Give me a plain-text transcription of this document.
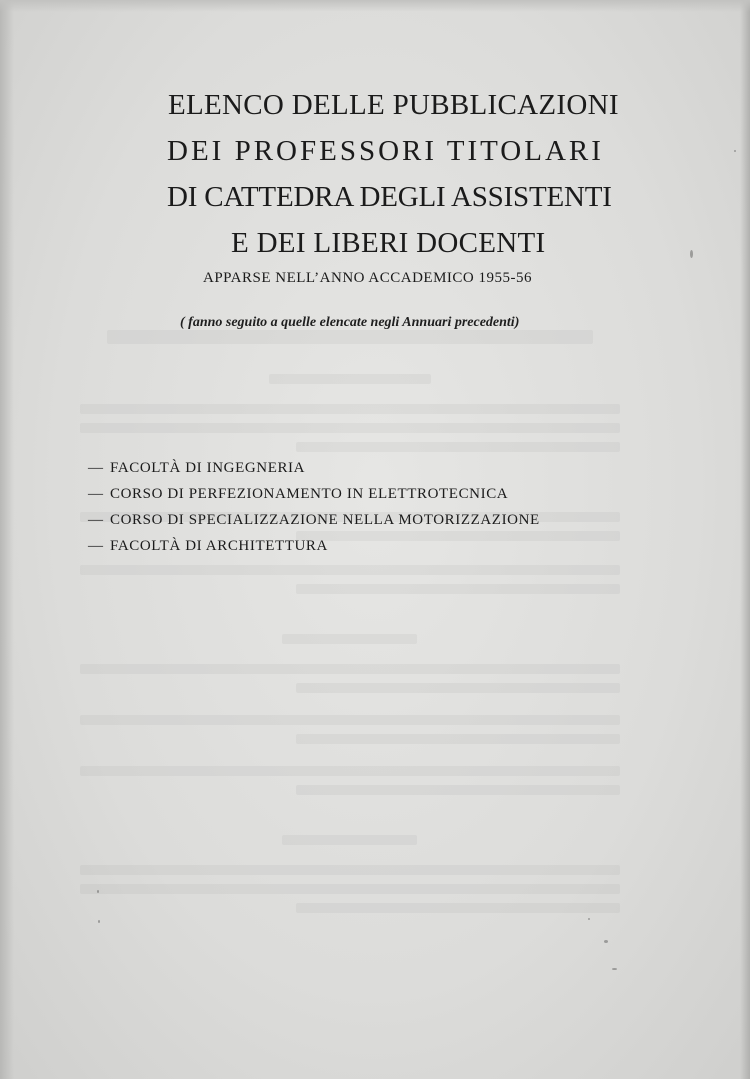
ELENCO DELLE PUBBLICAZIONI
DEI PROFESSORI TITOLARI
DI CATTEDRA DEGLI ASSISTENTI
E DEI LIBERI DOCENTI
APPARSE NELL’ANNO ACCADEMICO 1955-56
( fanno seguito a quelle elencate negli Annuari precedenti)
— FACOLTÀ DI INGEGNERIA
— CORSO DI PERFEZIONAMENTO IN ELETTROTECNICA
— CORSO DI SPECIALIZZAZIONE NELLA MOTORIZZAZIONE
— FACOLTÀ DI ARCHITETTURA
